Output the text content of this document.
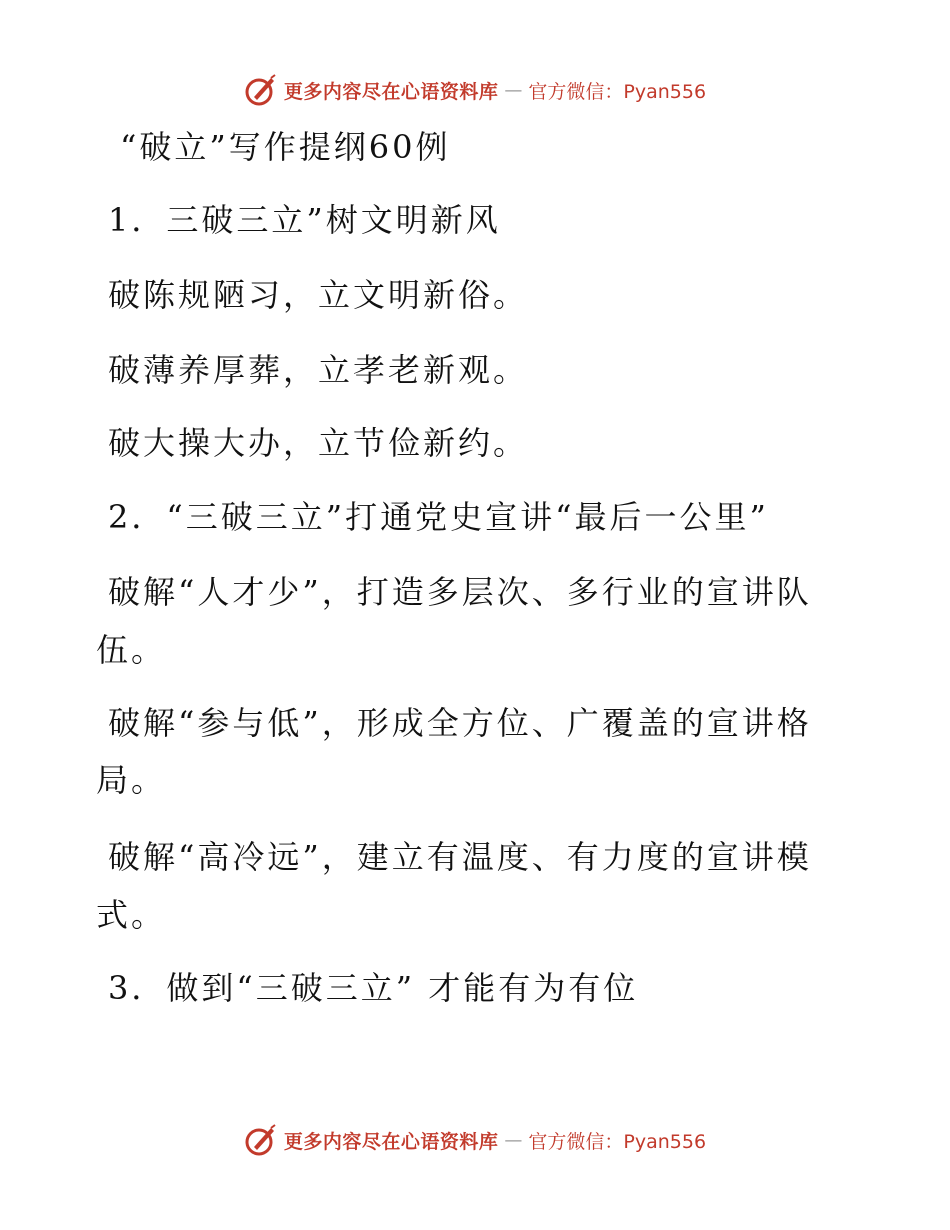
更多内容尽在心语资料库 — 官方微信：Pyan556
“破立”写作提纲60例
1．三破三立”树文明新风
破陈规陋习，立文明新俗。
破薄养厚葬，立孝老新观。
破大操大办，立节俭新约。
2．“三破三立”打通党史宣讲“最后一公里”
破解“人才少”，打造多层次、多行业的宣讲队
伍。
破解“参与低”，形成全方位、广覆盖的宣讲格
局。
破解“高冷远”，建立有温度、有力度的宣讲模
式。
3．做到“三破三立” 才能有为有位
更多内容尽在心语资料库 — 官方微信：Pyan556
